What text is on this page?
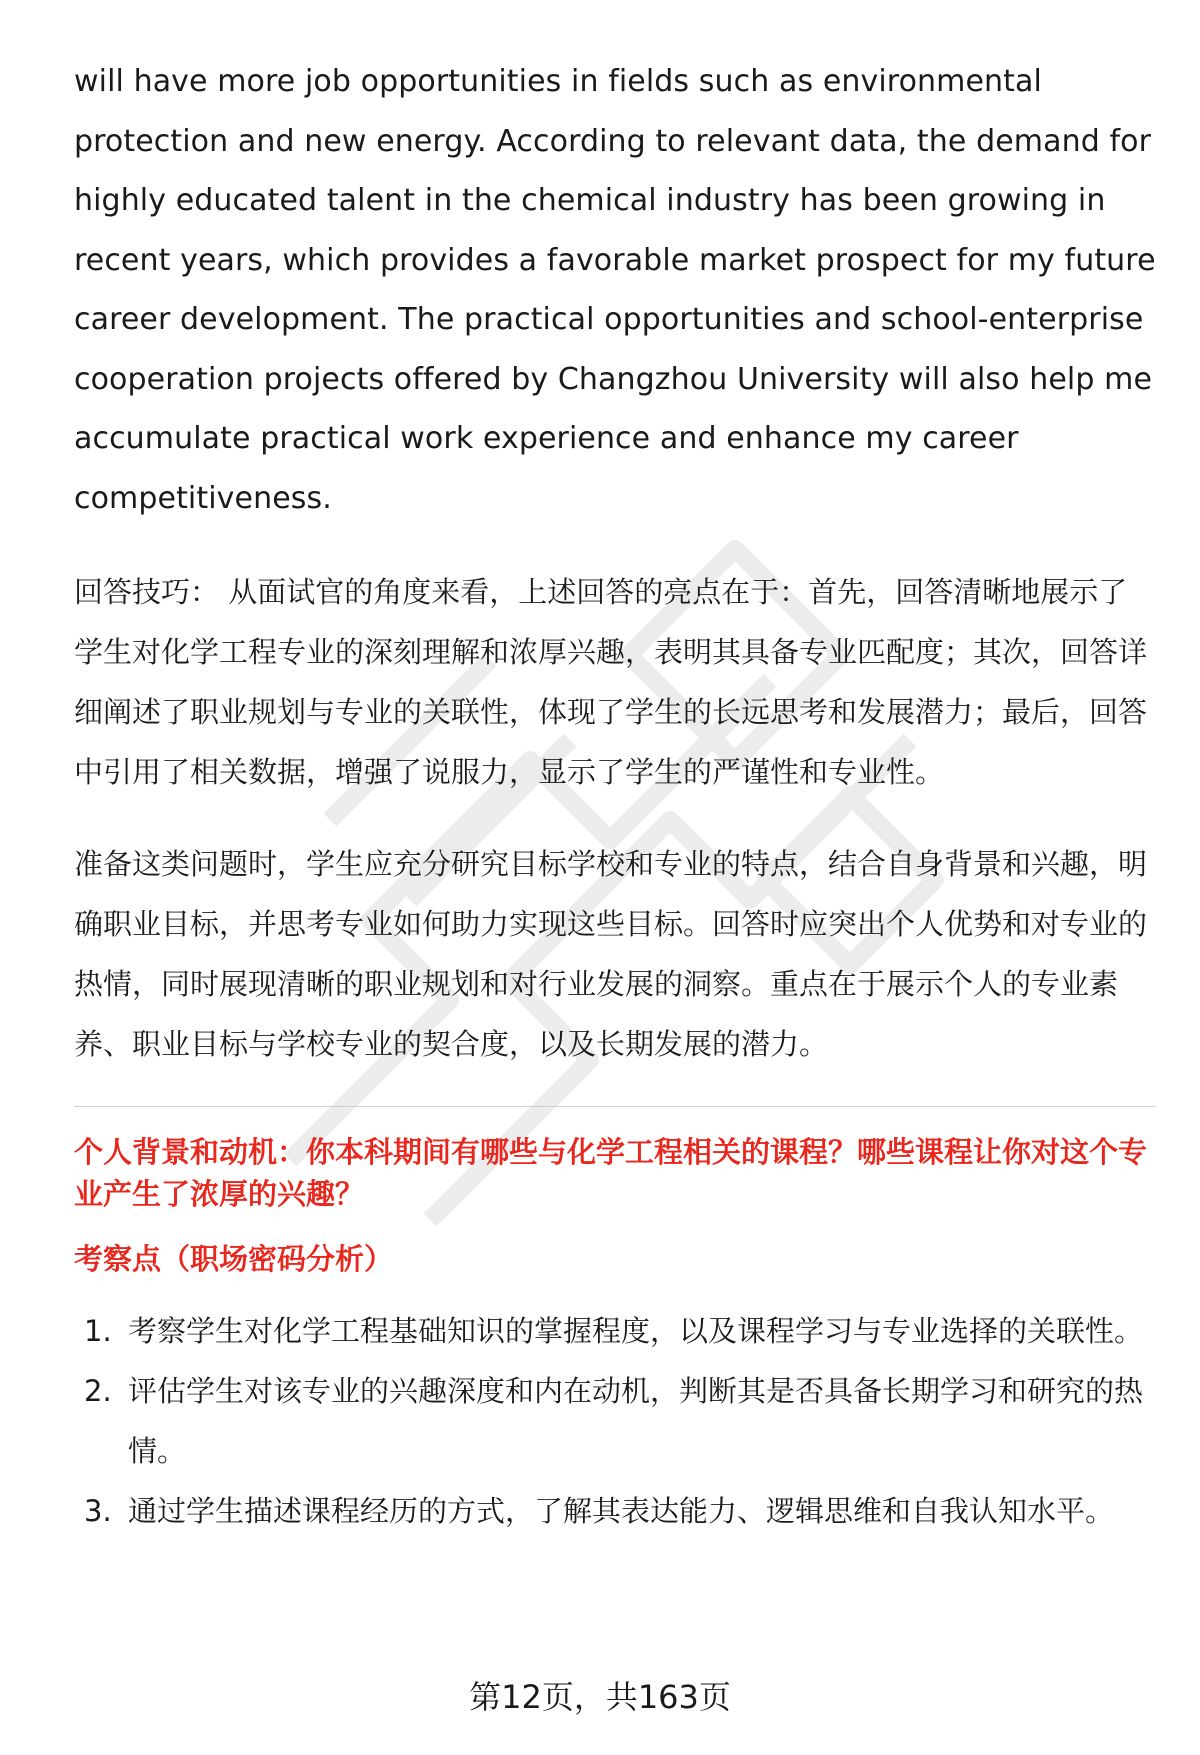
will have more job opportunities in fields such as environmental protection and new energy. According to relevant data, the demand for highly educated talent in the chemical industry has been growing in recent years, which provides a favorable market prospect for my future career development. The practical opportunities and school-enterprise cooperation projects offered by Changzhou University will also help me accumulate practical work experience and enhance my career competitiveness.

回答技巧： 从面试官的角度来看，上述回答的亮点在于：首先，回答清晰地展示了学生对化学工程专业的深刻理解和浓厚兴趣，表明其具备专业匹配度；其次，回答详细阐述了职业规划与专业的关联性，体现了学生的长远思考和发展潜力；最后，回答中引用了相关数据，增强了说服力，显示了学生的严谨性和专业性。

准备这类问题时，学生应充分研究目标学校和专业的特点，结合自身背景和兴趣，明确职业目标，并思考专业如何助力实现这些目标。回答时应突出个人优势和对专业的热情，同时展现清晰的职业规划和对行业发展的洞察。重点在于展示个人的专业素养、职业目标与学校专业的契合度，以及长期发展的潜力。

个人背景和动机：你本科期间有哪些与化学工程相关的课程？哪些课程让你对这个专业产生了浓厚的兴趣？
考察点（职场密码分析）
1. 考察学生对化学工程基础知识的掌握程度，以及课程学习与专业选择的关联性。
2. 评估学生对该专业的兴趣深度和内在动机，判断其是否具备长期学习和研究的热情。
3. 通过学生描述课程经历的方式，了解其表达能力、逻辑思维和自我认知水平。
第12页，共163页
